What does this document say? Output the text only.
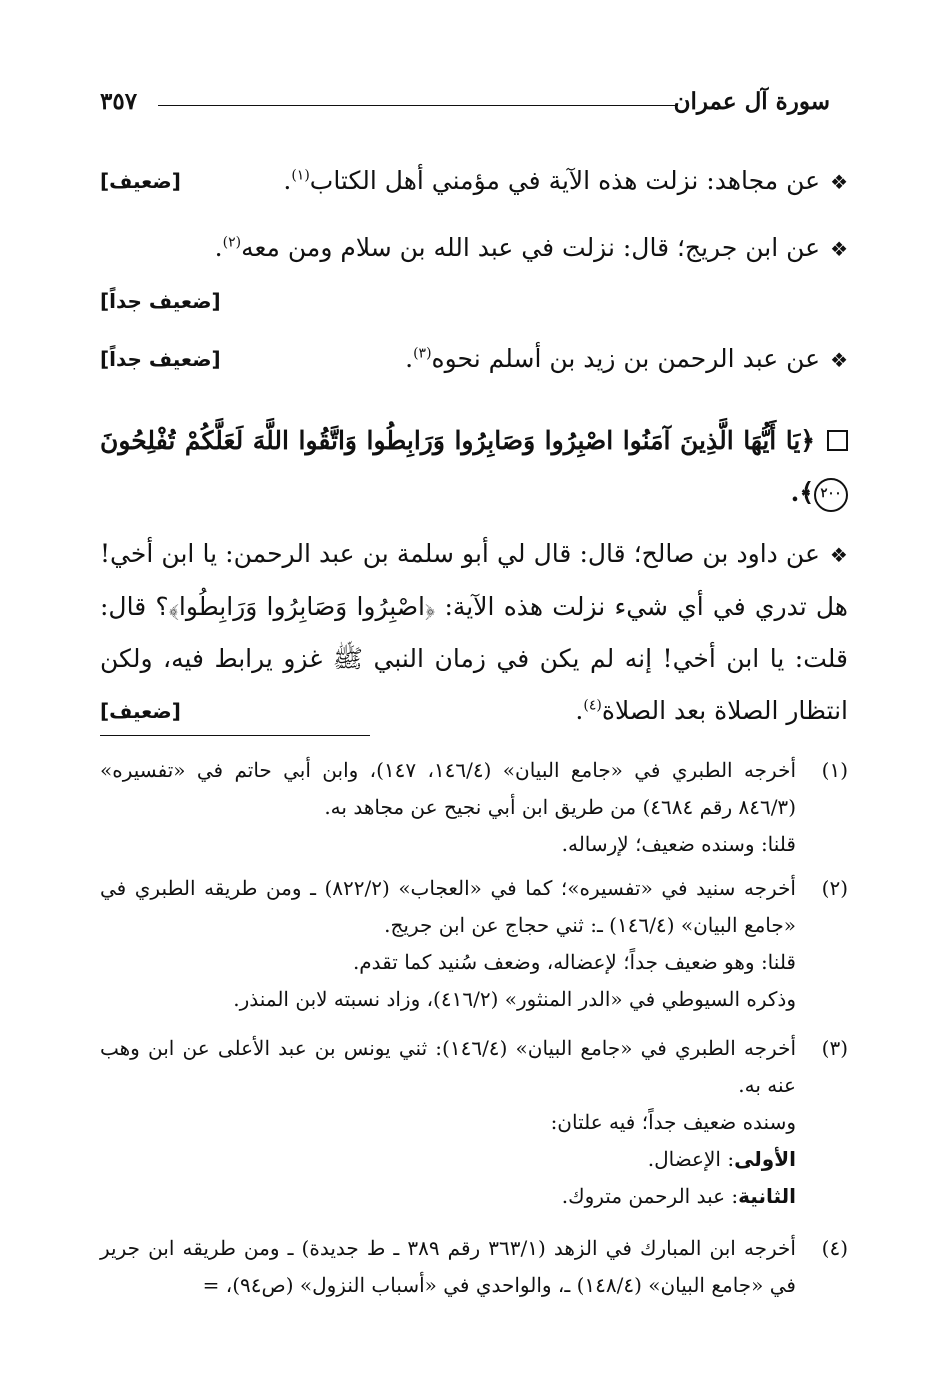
سورة آل عمران
٣٥٧
❖عن مجاهد: نزلت هذه الآية في مؤمني أهل الكتاب$^{(١)}$.
[ضعيف]
❖عن ابن جريج؛ قال: نزلت في عبد الله بن سلام ومن معه$^{(٢)}$.
[ضعيف جداً]
❖عن عبد الرحمن بن زيد بن أسلم نحوه$^{(٣)}$.
[ضعيف جداً]
﴿يَا أَيُّهَا الَّذِينَ آمَنُوا اصْبِرُوا وَصَابِرُوا وَرَابِطُوا وَاتَّقُوا اللَّهَ لَعَلَّكُمْ تُفْلِحُونَ ٢٠٠﴾.
❖عن داود بن صالح؛ قال: قال لي أبو سلمة بن عبد الرحمن: يا ابن أخي! هل تدري في أي شيء نزلت هذه الآية: ﴿اصْبِرُوا وَصَابِرُوا وَرَابِطُوا﴾؟ قال: قلت: يا ابن أخي! إنه لم يكن في زمان النبي ﷺ غزو يرابط فيه، ولكن انتظار الصلاة بعد الصلاة$^{(٤)}$.
[ضعيف]
(١)

أخرجه الطبري في «جامع البيان» (١٤٦/٤، ١٤٧)، وابن أبي حاتم في «تفسيره» (٨٤٦/٣ رقم ٤٦٨٤) من طريق ابن أبي نجيح عن مجاهد به.

قلنا: وسنده ضعيف؛ لإرساله.

(٢)

أخرجه سنيد في «تفسيره»؛ كما في «العجاب» (٨٢٢/٢) ـ ومن طريقه الطبري في «جامع البيان» (١٤٦/٤) ـ: ثني حجاج عن ابن جريج.

قلنا: وهو ضعيف جداً؛ لإعضاله، وضعف سُنيد كما تقدم.

وذكره السيوطي في «الدر المنثور» (٤١٦/٢)، وزاد نسبته لابن المنذر.

(٣)

أخرجه الطبري في «جامع البيان» (١٤٦/٤): ثني يونس بن عبد الأعلى عن ابن وهب عنه به.

وسنده ضعيف جداً؛ فيه علتان:

الأولى: الإعضال.

الثانية: عبد الرحمن متروك.

(٤)

أخرجه ابن المبارك في الزهد (٣٦٣/١ رقم ٣٨٩ ـ ط جديدة) ـ ومن طريقه ابن جرير في «جامع البيان» (١٤٨/٤) ـ، والواحدي في «أسباب النزول» (ص٩٤)، =
